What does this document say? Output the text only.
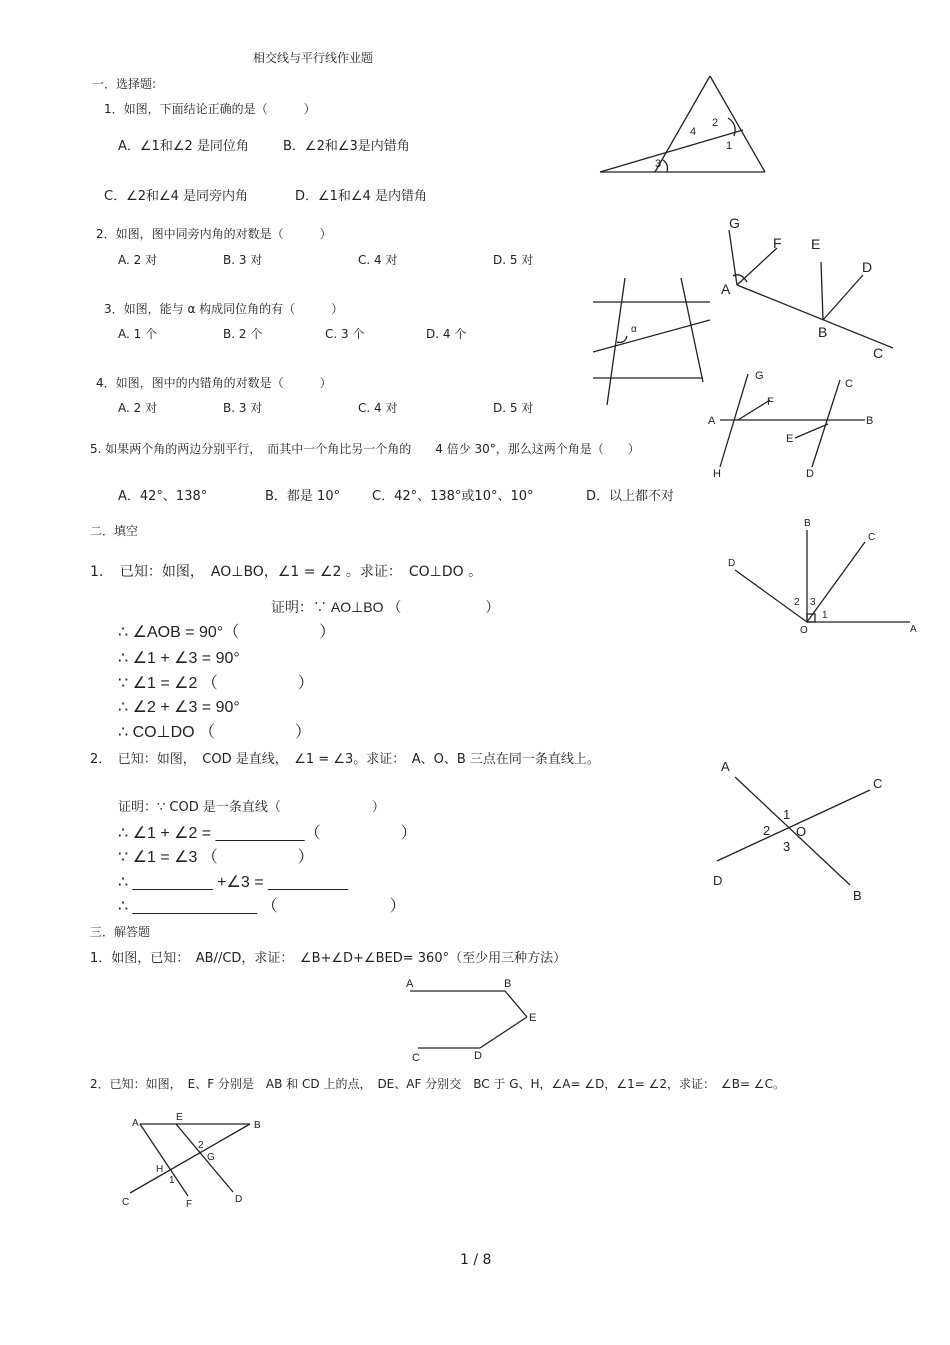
相交线与平行线作业题
一．选择题:
1．如图，下面结论正确的是（　　　）
A．∠1和∠2 是同位角	B．∠2和∠3是内错角
C．∠2和∠4 是同旁内角	D．∠1和∠4 是内错角
2．如图，图中同旁内角的对数是（　　　）
A. 2 对	B. 3 对	C. 4 对	D. 5 对
3．如图，能与 α 构成同位角的有（　　　）
A. 1 个	B. 2 个	C. 3 个	D. 4 个
4．如图，图中的内错角的对数是（　　　）
A. 2 对	B. 3 对	C. 4 对	D. 5 对
5. 如果两个角的两边分别平行，　而其中一个角比另一个角的　　4 倍少 30°，那么这两个角是（　　）
A．42°、138°	B．都是 10° C．42°、138°或10°、10°	D．以上都不对
二．填空
1．　已知：如图，　AO⊥BO，∠1 = ∠2 。求证：　CO⊥DO 。
证明：∵ AO⊥BO （　　　　　　）
∴ ∠AOB = 90°（　　　　　）
∴ ∠1 + ∠3 = 90°
∵ ∠1 = ∠2 （　　　　　）
∴ ∠2 + ∠3 = 90°
∴ CO⊥DO （　　　　　）
2．　已知：如图，　COD 是直线，　∠1 = ∠3。求证：　A、O、B 三点在同一条直线上。
证明：∵ COD 是一条直线（　　　　　　　）
∴ ∠1 + ∠2 = __________（　　　　　）
∵ ∠1 = ∠3 （　　　　　）
∴ _________ +∠3 = _________
∴ ______________ （　　　　　　　）
三．解答题
1．如图，已知：　AB//CD，求证：　∠B+∠D+∠BED= 360°（至少用三种方法）
2．已知：如图，　E、F 分别是　AB 和 CD 上的点，　DE、AF 分别交　BC 于 G、H，∠A= ∠D，∠1= ∠2，求证：　∠B= ∠C。
1 / 8
4
2
1
3
G
F E
D
A
B
C
α
G
F
C
A	B
E
H	D
B
C
D
2 3
1
O	A
A
C
1
2 O
3
D
B
A	B
E
C	D
A
E
B
2
G
H
1
C	F	D
